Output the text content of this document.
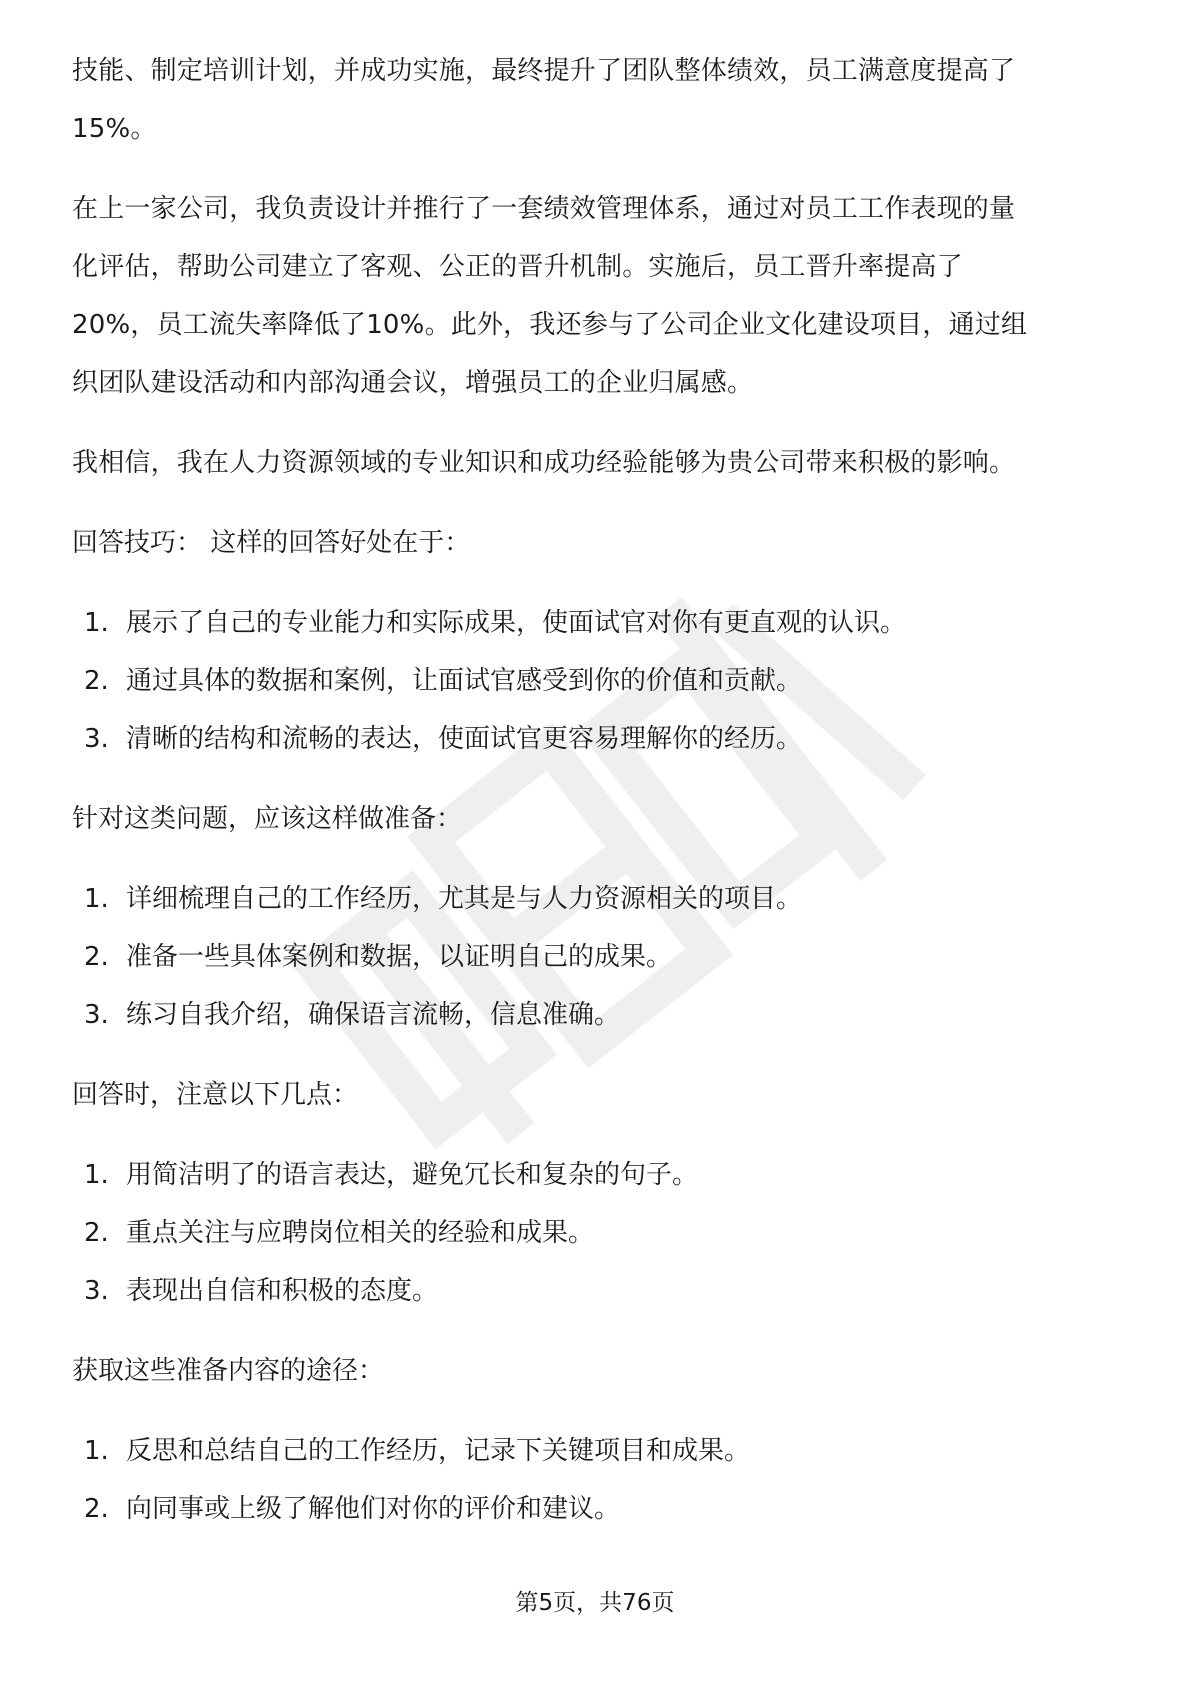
技能、制定培训计划，并成功实施，最终提升了团队整体绩效，员工满意度提高了
15%。
在上一家公司，我负责设计并推行了一套绩效管理体系，通过对员工工作表现的量
化评估，帮助公司建立了客观、公正的晋升机制。实施后，员工晋升率提高了
20%，员工流失率降低了10%。此外，我还参与了公司企业文化建设项目，通过组
织团队建设活动和内部沟通会议，增强员工的企业归属感。
我相信，我在人力资源领域的专业知识和成功经验能够为贵公司带来积极的影响。
回答技巧： 这样的回答好处在于：
1. 展示了自己的专业能力和实际成果，使面试官对你有更直观的认识。
2. 通过具体的数据和案例，让面试官感受到你的价值和贡献。
3. 清晰的结构和流畅的表达，使面试官更容易理解你的经历。
针对这类问题，应该这样做准备：
1. 详细梳理自己的工作经历，尤其是与人力资源相关的项目。
2. 准备一些具体案例和数据，以证明自己的成果。
3. 练习自我介绍，确保语言流畅，信息准确。
回答时，注意以下几点：
1. 用简洁明了的语言表达，避免冗长和复杂的句子。
2. 重点关注与应聘岗位相关的经验和成果。
3. 表现出自信和积极的态度。
获取这些准备内容的途径：
1. 反思和总结自己的工作经历，记录下关键项目和成果。
2. 向同事或上级了解他们对你的评价和建议。
第5页，共76页
